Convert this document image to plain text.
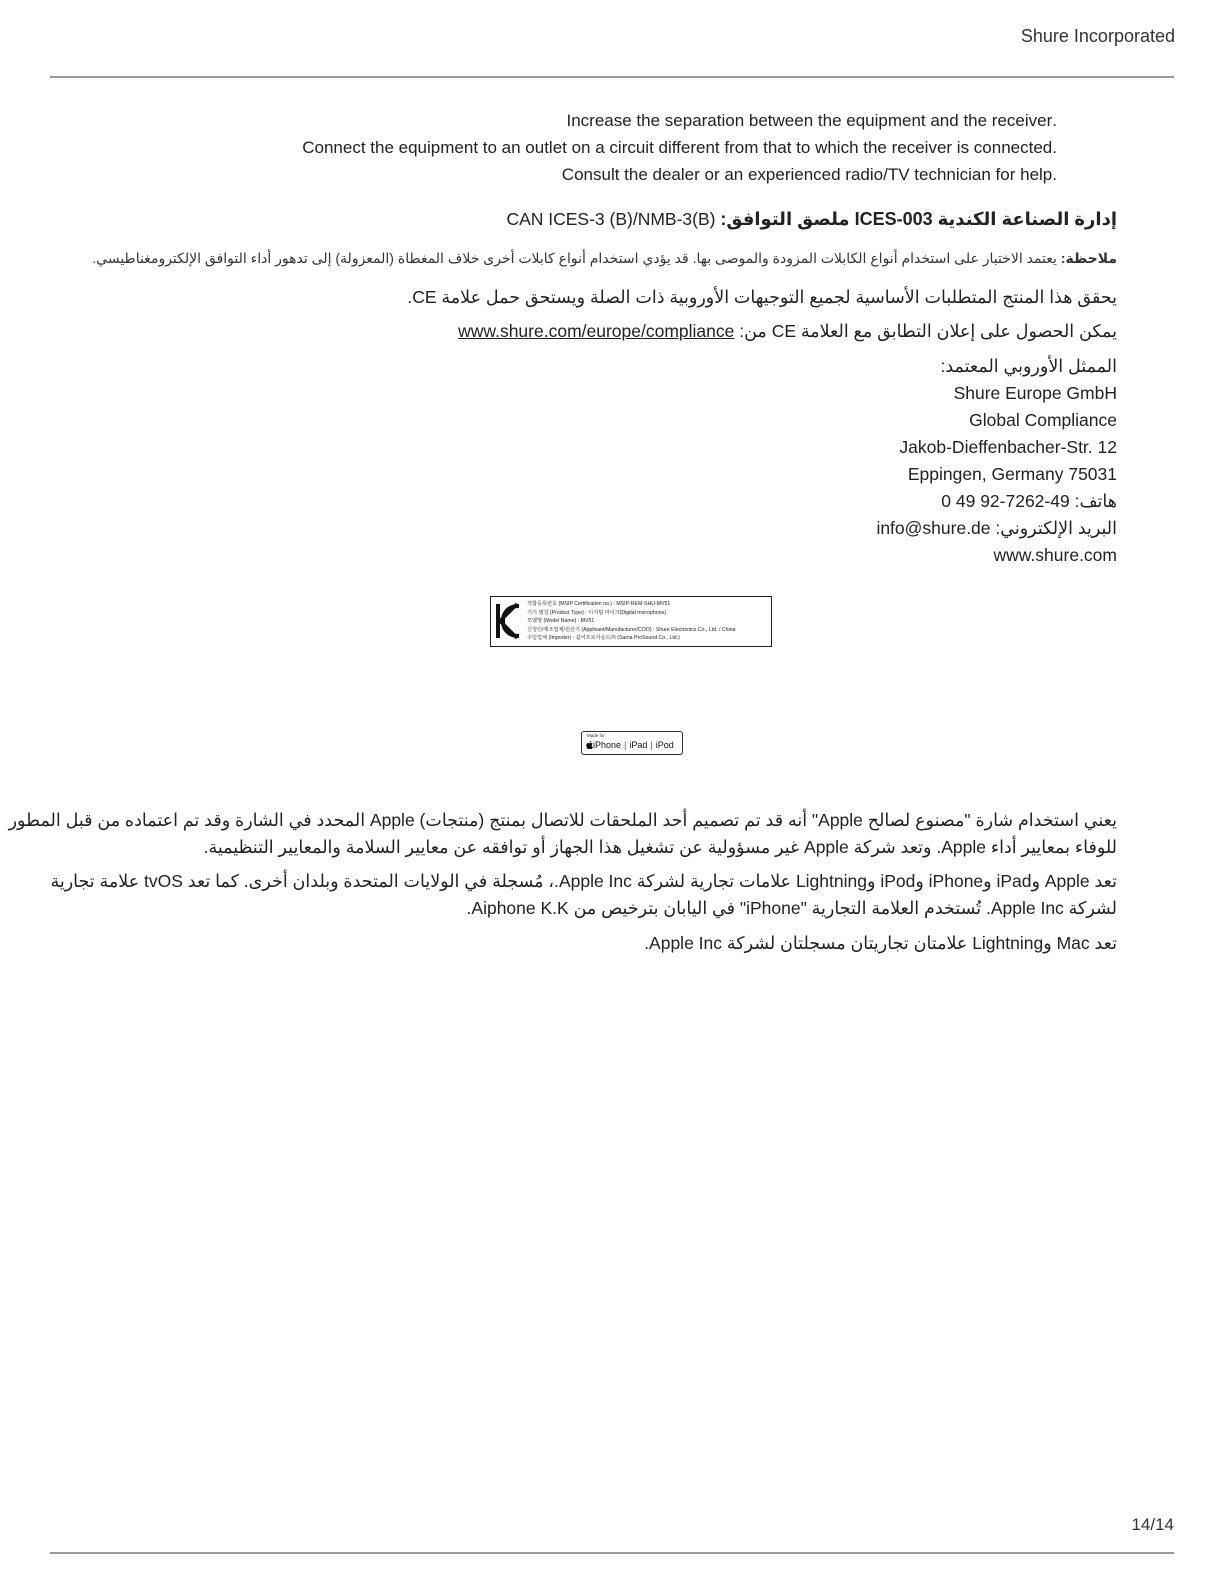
Shure Incorporated
.Increase the separation between the equipment and the receiver
.Connect the equipment to an outlet on a circuit different from that to which the receiver is connected
.Consult the dealer or an experienced radio/TV technician for help
إدارة الصناعة الكندية ICES-003 ملصق التوافق: CAN ICES-3 (B)/NMB-3(B)
ملاحظة: يعتمد الاختبار على استخدام أنواع الكابلات المزودة والموصى بها. قد يؤدي استخدام أنواع كابلات أخرى خلاف المغطاة (المعزولة) إلى تدهور أداء التوافق الإلكترومغناطيسي.
يحقق هذا المنتج المتطلبات الأساسية لجميع التوجيهات الأوروبية ذات الصلة ويستحق حمل علامة CE.
يمكن الحصول على إعلان التطابق مع العلامة CE من: www.shure.com/europe/compliance
الممثل الأوروبي المعتمد:
Shure Europe GmbH
Global Compliance
Jakob-Dieffenbacher-Str. 12
Eppingen, Germany 75031
هاتف: 49-7262-92 49 0
البريد الإلكتروني: info@shure.de
www.shure.com
적합등록번호 (MSIP Certification no.) : MSIP-REM-SHU-MV51
기기 명칭 (Product Type) : 디지털 마이크(Digital microphone)
모델명 (Model Name) : MV51
신청인/제조업체/원산지 (Applicant/Manufacturer/COO) : Shure Electronics Co., Ltd. / China
수입업체 (Importer) : 쉼어프로사운드㈜ (Sama ProSound Co., Ltd.)
Made for
iPhone | iPad | iPod
يعني استخدام شارة "مصنوع لصالح Apple" أنه قد تم تصميم أحد الملحقات للاتصال بمنتج (منتجات) Apple المحدد في الشارة وقد تم اعتماده من قبل المطور
للوفاء بمعايير أداء Apple. وتعد شركة Apple غير مسؤولية عن تشغيل هذا الجهاز أو توافقه عن معايير السلامة والمعايير التنظيمية.
تعد Apple وiPad وiPhone وiPod وLightning علامات تجارية لشركة Apple Inc.، مُسجلة في الولايات المتحدة وبلدان أخرى. كما تعد tvOS علامة تجارية
لشركة Apple Inc. تُستخدم العلامة التجارية "iPhone" في اليابان بترخيص من Aiphone K.K.
تعد Mac وLightning علامتان تجاريتان مسجلتان لشركة Apple Inc.
14/14
